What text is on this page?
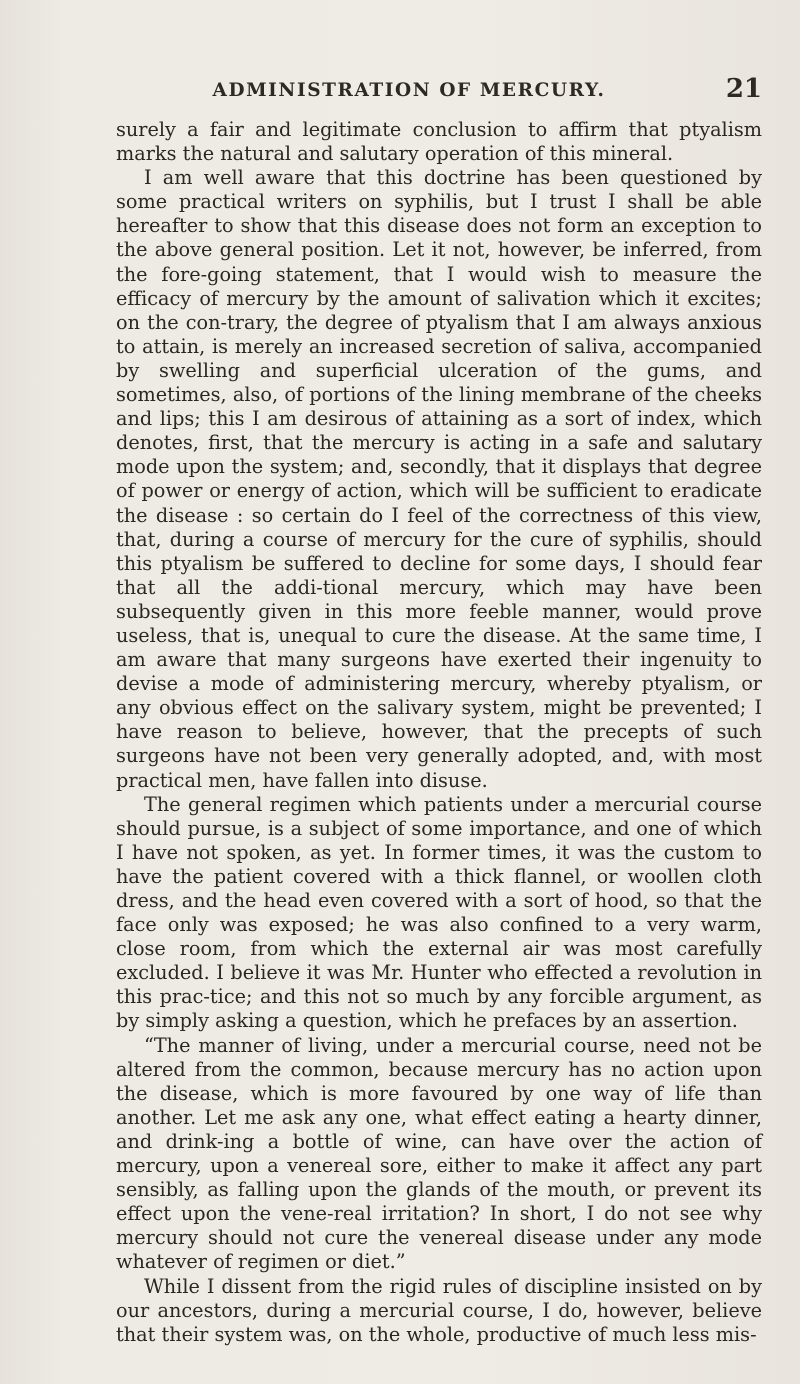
ADMINISTRATION OF MERCURY.	21

surely a fair and legitimate conclusion to affirm that ptyalism marks the natural and salutary operation of this mineral.

I am well aware that this doctrine has been questioned by some practical writers on syphilis, but I trust I shall be able hereafter to show that this disease does not form an exception to the above general position. Let it not, however, be inferred, from the fore-going statement, that I would wish to measure the efficacy of mercury by the amount of salivation which it excites; on the con-trary, the degree of ptyalism that I am always anxious to attain, is merely an increased secretion of saliva, accompanied by swelling and superficial ulceration of the gums, and sometimes, also, of portions of the lining membrane of the cheeks and lips; this I am desirous of attaining as a sort of index, which denotes, first, that the mercury is acting in a safe and salutary mode upon the system; and, secondly, that it displays that degree of power or energy of action, which will be sufficient to eradicate the disease : so certain do I feel of the correctness of this view, that, during a course of mercury for the cure of syphilis, should this ptyalism be suffered to decline for some days, I should fear that all the addi-tional mercury, which may have been subsequently given in this more feeble manner, would prove useless, that is, unequal to cure the disease. At the same time, I am aware that many surgeons have exerted their ingenuity to devise a mode of administering mercury, whereby ptyalism, or any obvious effect on the salivary system, might be prevented; I have reason to believe, however, that the precepts of such surgeons have not been very generally adopted, and, with most practical men, have fallen into disuse.

The general regimen which patients under a mercurial course should pursue, is a subject of some importance, and one of which I have not spoken, as yet. In former times, it was the custom to have the patient covered with a thick flannel, or woollen cloth dress, and the head even covered with a sort of hood, so that the face only was exposed; he was also confined to a very warm, close room, from which the external air was most carefully excluded. I believe it was Mr. Hunter who effected a revolution in this prac-tice; and this not so much by any forcible argument, as by simply asking a question, which he prefaces by an assertion.

“The manner of living, under a mercurial course, need not be altered from the common, because mercury has no action upon the disease, which is more favoured by one way of life than another. Let me ask any one, what effect eating a hearty dinner, and drink-ing a bottle of wine, can have over the action of mercury, upon a venereal sore, either to make it affect any part sensibly, as falling upon the glands of the mouth, or prevent its effect upon the vene-real irritation? In short, I do not see why mercury should not cure the venereal disease under any mode whatever of regimen or diet.”

While I dissent from the rigid rules of discipline insisted on by our ancestors, during a mercurial course, I do, however, believe that their system was, on the whole, productive of much less mis-
